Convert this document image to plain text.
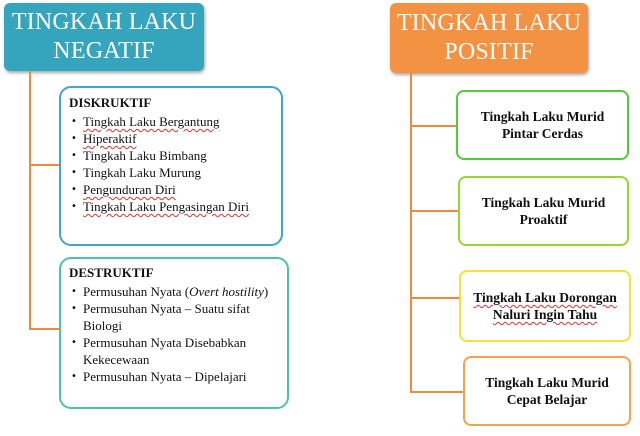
TINGKAH LAKU
NEGATIF
TINGKAH LAKU
POSITIF
DISKRUKTIF
• Tingkah Laku Bergantung
• Hiperaktif
• Tingkah Laku Bimbang
• Tingkah Laku Murung
• Pengunduran Diri
• Tingkah Laku Pengasingan Diri
DESTRUKTIF
• Permusuhan Nyata (Overt hostility)
• Permusuhan Nyata – Suatu sifat Biologi
• Permusuhan Nyata Disebabkan Kekecewaan
• Permusuhan Nyata – Dipelajari
Tingkah Laku Murid Pintar Cerdas
Tingkah Laku Murid Proaktif
Tingkah Laku Dorongan Naluri Ingin Tahu
Tingkah Laku Murid Cepat Belajar
